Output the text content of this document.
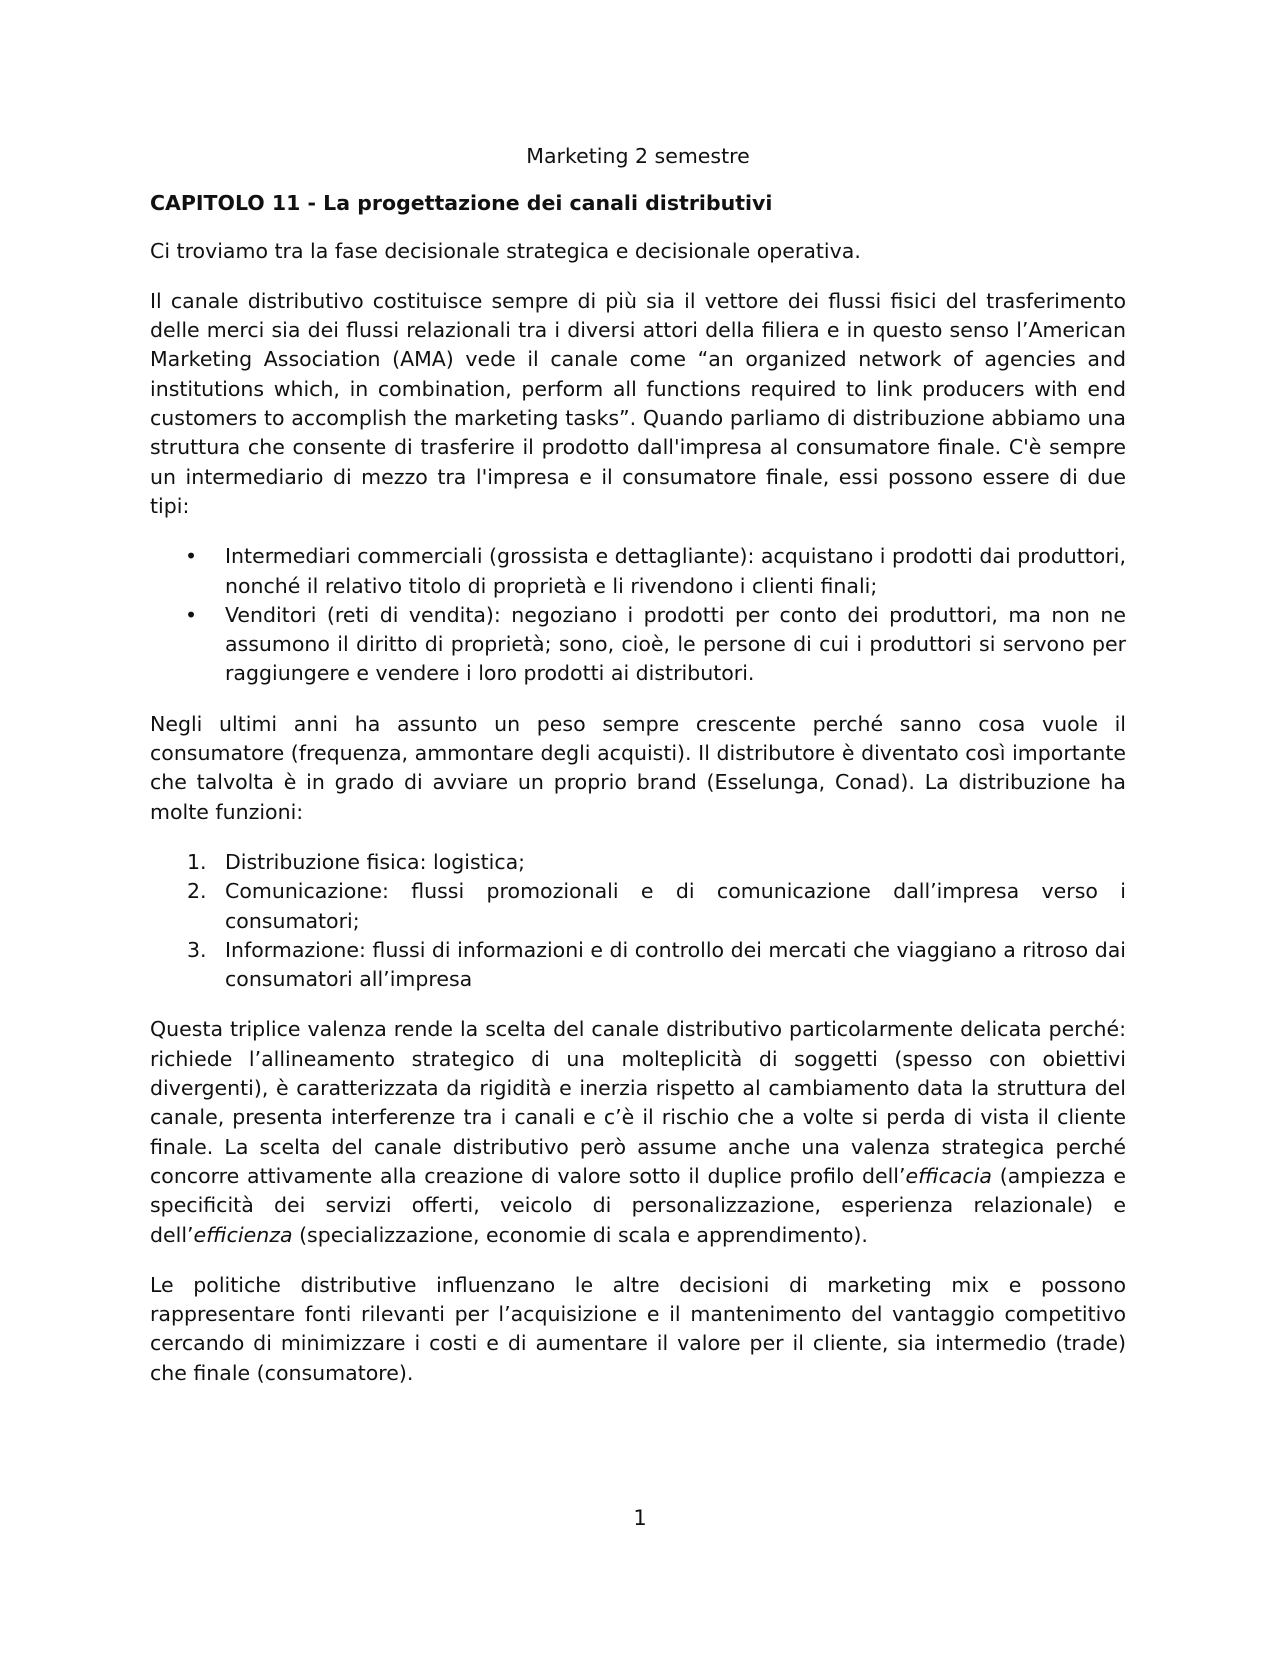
Marketing 2 semestre
CAPITOLO 11 - La progettazione dei canali distributivi

Ci troviamo tra la fase decisionale strategica e decisionale operativa.

Il canale distributivo costituisce sempre di più sia il vettore dei flussi fisici del trasferimento delle merci sia dei flussi relazionali tra i diversi attori della filiera e in questo senso l’American Marketing Association (AMA) vede il canale come “an organized network of agencies and institutions which, in combination, perform all functions required to link producers with end customers to accomplish the marketing tasks”. Quando parliamo di distribuzione abbiamo una struttura che consente di trasferire il prodotto dall'impresa al consumatore finale. C'è sempre un intermediario di mezzo tra l'impresa e il consumatore finale, essi possono essere di due tipi:

• Intermediari commerciali (grossista e dettagliante): acquistano i prodotti dai produttori, nonché il relativo titolo di proprietà e li rivendono i clienti finali;
• Venditori (reti di vendita): negoziano i prodotti per conto dei produttori, ma non ne assumono il diritto di proprietà; sono, cioè, le persone di cui i produttori si servono per raggiungere e vendere i loro prodotti ai distributori.

Negli ultimi anni ha assunto un peso sempre crescente perché sanno cosa vuole il consumatore (frequenza, ammontare degli acquisti). Il distributore è diventato così importante che talvolta è in grado di avviare un proprio brand (Esselunga, Conad). La distribuzione ha molte funzioni:

1. Distribuzione fisica: logistica;
2. Comunicazione: flussi promozionali e di comunicazione dall’impresa verso i consumatori;
3. Informazione: flussi di informazioni e di controllo dei mercati che viaggiano a ritroso dai consumatori all’impresa

Questa triplice valenza rende la scelta del canale distributivo particolarmente delicata perché: richiede l’allineamento strategico di una molteplicità di soggetti (spesso con obiettivi divergenti), è caratterizzata da rigidità e inerzia rispetto al cambiamento data la struttura del canale, presenta interferenze tra i canali e c’è il rischio che a volte si perda di vista il cliente finale. La scelta del canale distributivo però assume anche una valenza strategica perché concorre attivamente alla creazione di valore sotto il duplice profilo dell’efficacia (ampiezza e specificità dei servizi offerti, veicolo di personalizzazione, esperienza relazionale) e dell’efficienza (specializzazione, economie di scala e apprendimento).

Le politiche distributive influenzano le altre decisioni di marketing mix e possono rappresentare fonti rilevanti per l’acquisizione e il mantenimento del vantaggio competitivo cercando di minimizzare i costi e di aumentare il valore per il cliente, sia intermedio (trade) che finale (consumatore).

1
